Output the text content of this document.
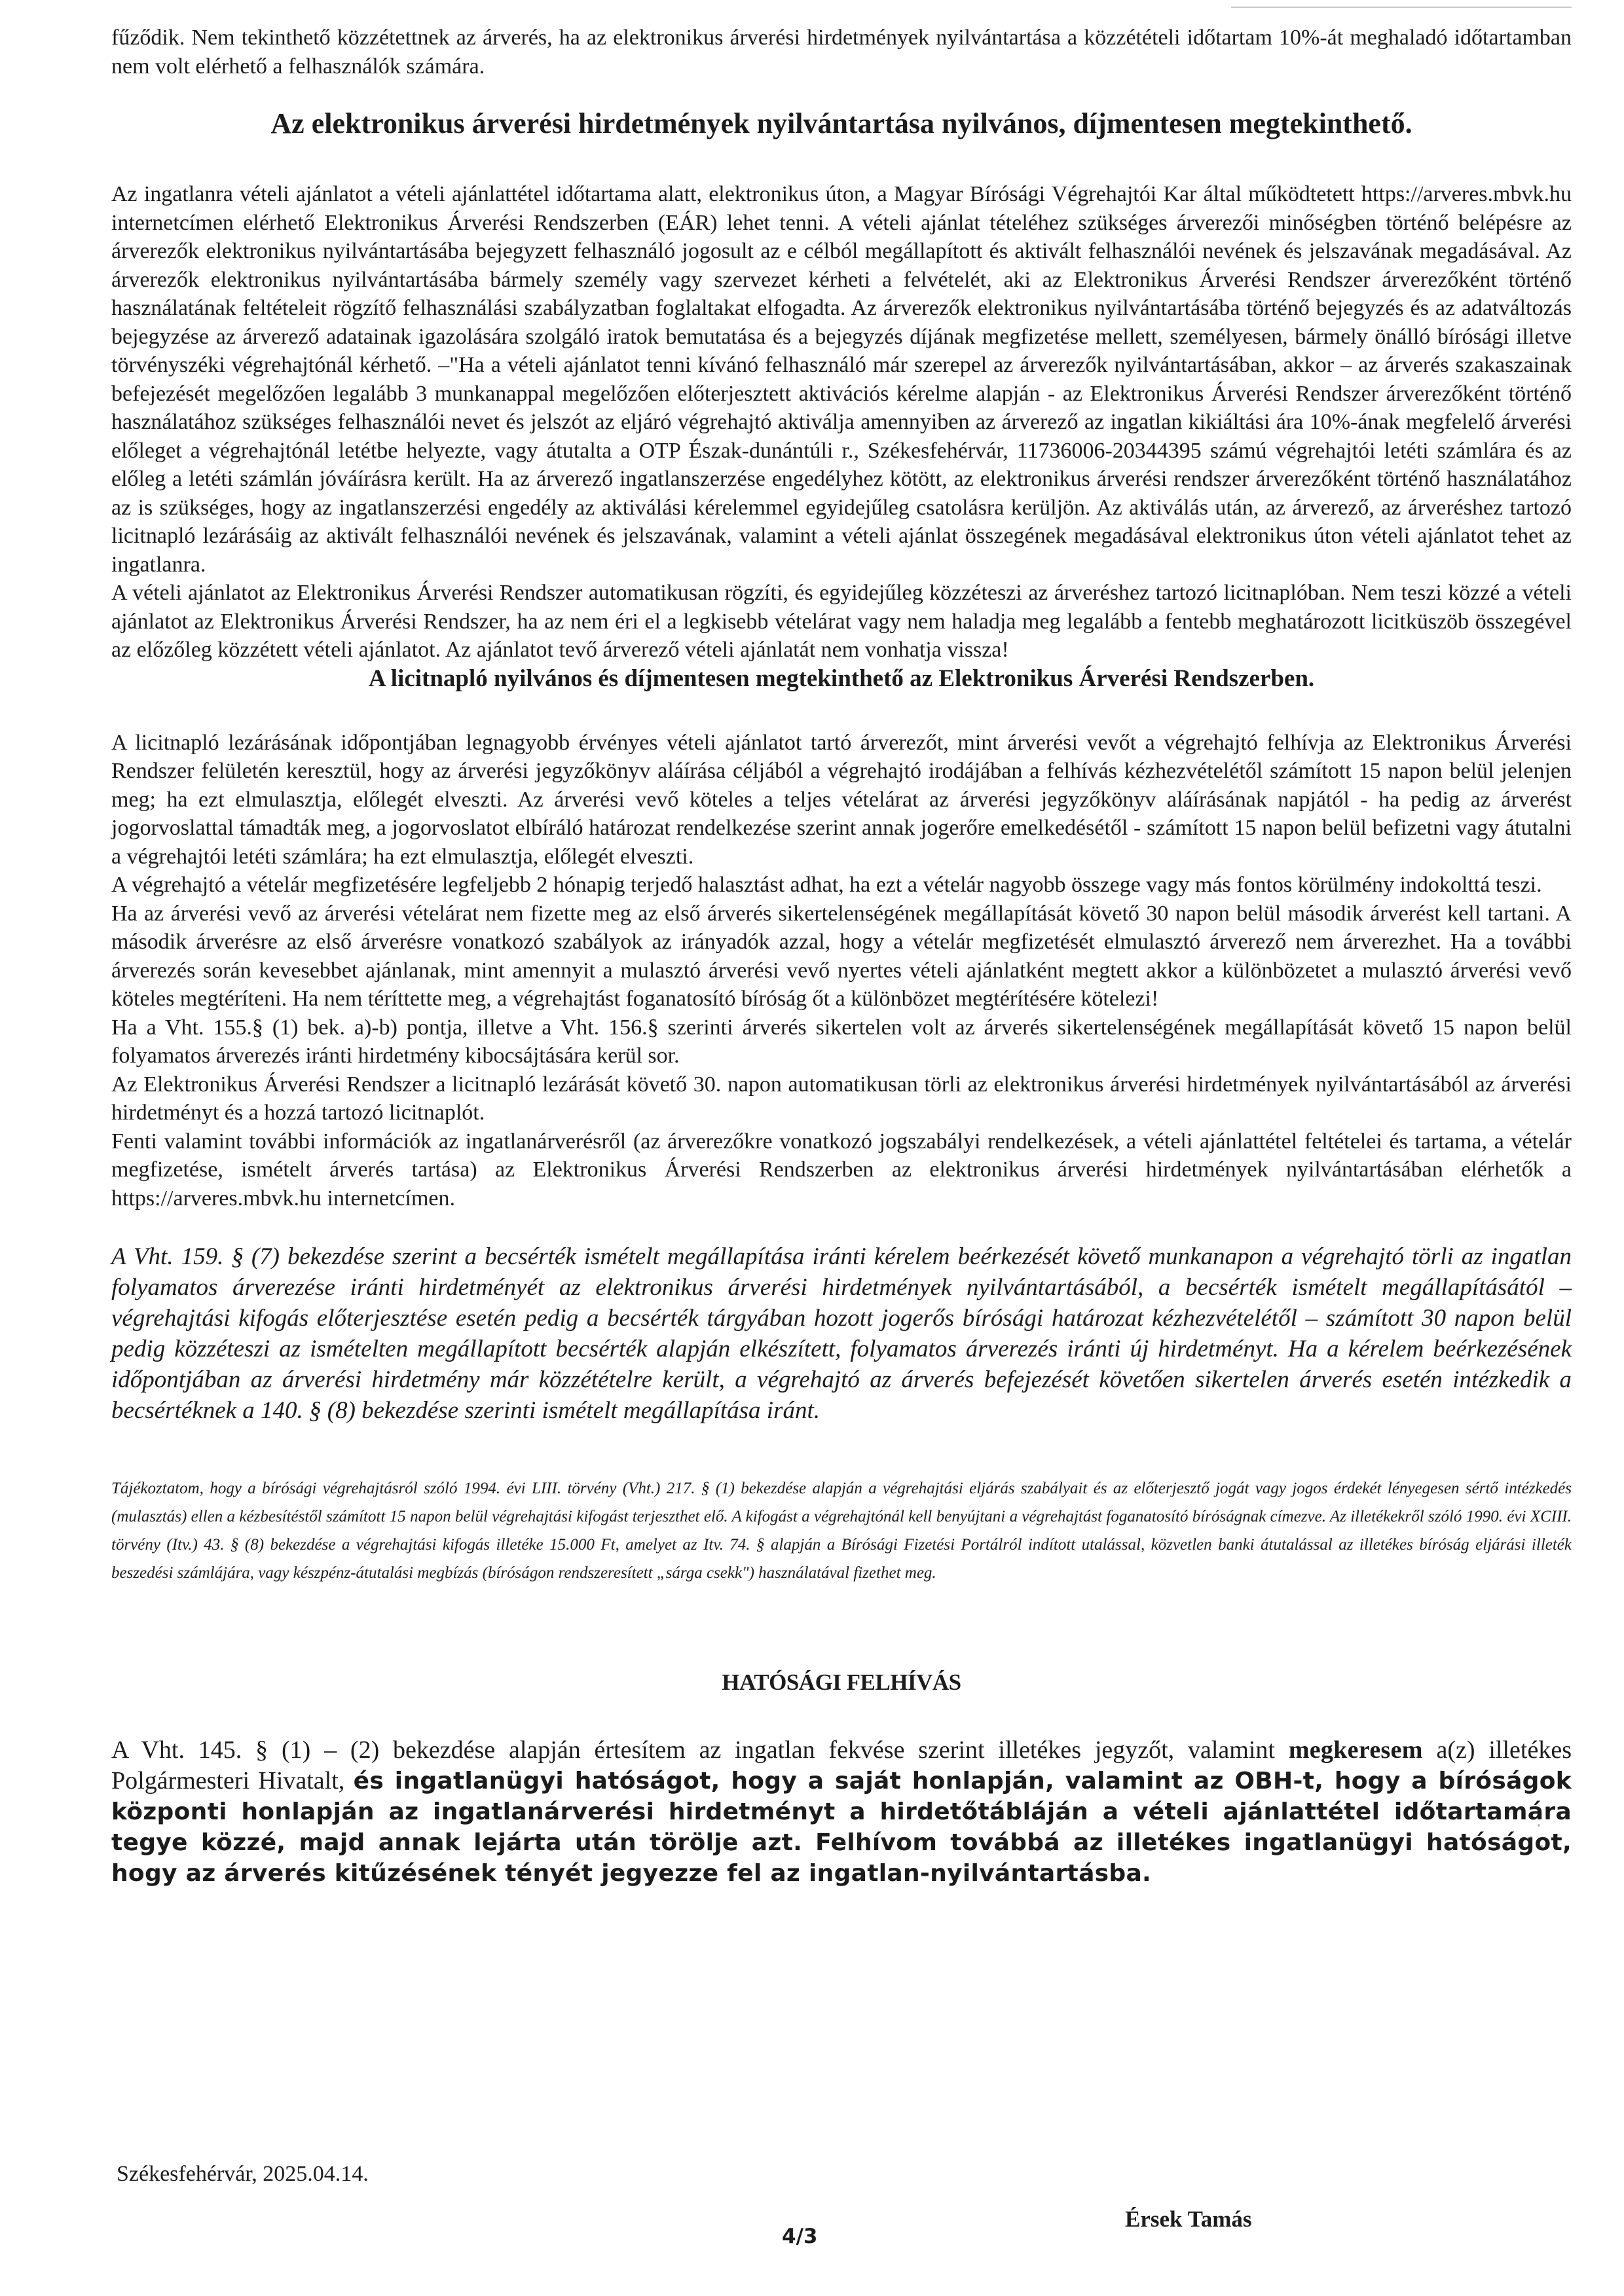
fűződik. Nem tekinthető közzétettnek az árverés, ha az elektronikus árverési hirdetmények nyilvántartása a közzétételi időtartam 10%-át meghaladó időtartamban nem volt elérhető a felhasználók számára.

Az elektronikus árverési hirdetmények nyilvántartása nyilvános, díjmentesen megtekinthető.

Az ingatlanra vételi ajánlatot a vételi ajánlattétel időtartama alatt, elektronikus úton, a Magyar Bírósági Végrehajtói Kar által működtetett https://arveres.mbvk.hu internetcímen elérhető Elektronikus Árverési Rendszerben (EÁR) lehet tenni. A vételi ajánlat tételéhez szükséges árverezői minőségben történő belépésre az árverezők elektronikus nyilvántartásába bejegyzett felhasználó jogosult az e célból megállapított és aktivált felhasználói nevének és jelszavának megadásával. Az árverezők elektronikus nyilvántartásába bármely személy vagy szervezet kérheti a felvételét, aki az Elektronikus Árverési Rendszer árverezőként történő használatának feltételeit rögzítő felhasználási szabályzatban foglaltakat elfogadta. Az árverezők elektronikus nyilvántartásába történő bejegyzés és az adatváltozás bejegyzése az árverező adatainak igazolására szolgáló iratok bemutatása és a bejegyzés díjának megfizetése mellett, személyesen, bármely önálló bírósági illetve törvényszéki végrehajtónál kérhető. –"Ha a vételi ajánlatot tenni kívánó felhasználó már szerepel az árverezők nyilvántartásában, akkor – az árverés szakaszainak befejezését megelőzően legalább 3 munkanappal megelőzően előterjesztett aktivációs kérelme alapján - az Elektronikus Árverési Rendszer árverezőként történő használatához szükséges felhasználói nevet és jelszót az eljáró végrehajtó aktiválja amennyiben az árverező az ingatlan kikiáltási ára 10%-ának megfelelő árverési előleget a végrehajtónál letétbe helyezte, vagy átutalta a OTP Észak-dunántúli r., Székesfehérvár, 11736006-20344395 számú végrehajtói letéti számlára és az előleg a letéti számlán jóváírásra került. Ha az árverező ingatlanszerzése engedélyhez kötött, az elektronikus árverési rendszer árverezőként történő használatához az is szükséges, hogy az ingatlanszerzési engedély az aktiválási kérelemmel egyidejűleg csatolásra kerüljön. Az aktiválás után, az árverező, az árveréshez tartozó licitnapló lezárásáig az aktivált felhasználói nevének és jelszavának, valamint a vételi ajánlat összegének megadásával elektronikus úton vételi ajánlatot tehet az ingatlanra.

A vételi ajánlatot az Elektronikus Árverési Rendszer automatikusan rögzíti, és egyidejűleg közzéteszi az árveréshez tartozó licitnaplóban. Nem teszi közzé a vételi ajánlatot az Elektronikus Árverési Rendszer, ha az nem éri el a legkisebb vételárat vagy nem haladja meg legalább a fentebb meghatározott licitküszöb összegével az előzőleg közzétett vételi ajánlatot. Az ajánlatot tevő árverező vételi ajánlatát nem vonhatja vissza!

A licitnapló nyilvános és díjmentesen megtekinthető az Elektronikus Árverési Rendszerben.

A licitnapló lezárásának időpontjában legnagyobb érvényes vételi ajánlatot tartó árverezőt, mint árverési vevőt a végrehajtó felhívja az Elektronikus Árverési Rendszer felületén keresztül, hogy az árverési jegyzőkönyv aláírása céljából a végrehajtó irodájában a felhívás kézhezvételétől számított 15 napon belül jelenjen meg; ha ezt elmulasztja, előlegét elveszti. Az árverési vevő köteles a teljes vételárat az árverési jegyzőkönyv aláírásának napjától - ha pedig az árverést jogorvoslattal támadták meg, a jogorvoslatot elbíráló határozat rendelkezése szerint annak jogerőre emelkedésétől - számított 15 napon belül befizetni vagy átutalni a végrehajtói letéti számlára; ha ezt elmulasztja, előlegét elveszti.

A végrehajtó a vételár megfizetésére legfeljebb 2 hónapig terjedő halasztást adhat, ha ezt a vételár nagyobb összege vagy más fontos körülmény indokolttá teszi.

Ha az árverési vevő az árverési vételárat nem fizette meg az első árverés sikertelenségének megállapítását követő 30 napon belül második árverést kell tartani. A második árverésre az első árverésre vonatkozó szabályok az irányadók azzal, hogy a vételár megfizetését elmulasztó árverező nem árverezhet. Ha a további árverezés során kevesebbet ajánlanak, mint amennyit a mulasztó árverési vevő nyertes vételi ajánlatként megtett akkor a különbözetet a mulasztó árverési vevő köteles megtéríteni. Ha nem téríttette meg, a végrehajtást foganatosító bíróság őt a különbözet megtérítésére kötelezi!

Ha a Vht. 155.§ (1) bek. a)-b) pontja, illetve a Vht. 156.§ szerinti árverés sikertelen volt az árverés sikertelenségének megállapítását követő 15 napon belül folyamatos árverezés iránti hirdetmény kibocsájtására kerül sor.

Az Elektronikus Árverési Rendszer a licitnapló lezárását követő 30. napon automatikusan törli az elektronikus árverési hirdetmények nyilvántartásából az árverési hirdetményt és a hozzá tartozó licitnaplót.

Fenti valamint további információk az ingatlanárverésről (az árverezőkre vonatkozó jogszabályi rendelkezések, a vételi ajánlattétel feltételei és tartama, a vételár megfizetése, ismételt árverés tartása) az Elektronikus Árverési Rendszerben az elektronikus árverési hirdetmények nyilvántartásában elérhetők a https://arveres.mbvk.hu internetcímen.

A Vht. 159. § (7) bekezdése szerint a becsérték ismételt megállapítása iránti kérelem beérkezését követő munkanapon a végrehajtó törli az ingatlan folyamatos árverezése iránti hirdetményét az elektronikus árverési hirdetmények nyilvántartásából, a becsérték ismételt megállapításától – végrehajtási kifogás előterjesztése esetén pedig a becsérték tárgyában hozott jogerős bírósági határozat kézhezvételétől – számított 30 napon belül pedig közzéteszi az ismételten megállapított becsérték alapján elkészített, folyamatos árverezés iránti új hirdetményt. Ha a kérelem beérkezésének időpontjában az árverési hirdetmény már közzétételre került, a végrehajtó az árverés befejezését követően sikertelen árverés esetén intézkedik a becsértéknek a 140. § (8) bekezdése szerinti ismételt megállapítása iránt.

Tájékoztatom, hogy a bírósági végrehajtásról szóló 1994. évi LIII. törvény (Vht.) 217. § (1) bekezdése alapján a végrehajtási eljárás szabályait és az előterjesztő jogát vagy jogos érdekét lényegesen sértő intézkedés (mulasztás) ellen a kézbesítéstől számított 15 napon belül végrehajtási kifogást terjeszthet elő. A kifogást a végrehajtónál kell benyújtani a végrehajtást foganatosító bíróságnak címezve. Az illetékekről szóló 1990. évi XCIII. törvény (Itv.) 43. § (8) bekezdése a végrehajtási kifogás illetéke 15.000 Ft, amelyet az Itv. 74. § alapján a Bírósági Fizetési Portálról indított utalással, közvetlen banki átutalással az illetékes bíróság eljárási illeték beszedési számlájára, vagy készpénz-átutalási megbízás (bíróságon rendszeresített „sárga csekk") használatával fizethet meg.

HATÓSÁGI FELHÍVÁS

A Vht. 145. § (1) – (2) bekezdése alapján értesítem az ingatlan fekvése szerint illetékes jegyzőt, valamint megkeresem a(z) illetékes Polgármesteri Hivatalt, és ingatlanügyi hatóságot, hogy a saját honlapján, valamint az OBH-t, hogy a bíróságok központi honlapján az ingatlanárverési hirdetményt a hirdetőtábláján a vételi ajánlattétel időtartamára tegye közzé, majd annak lejárta után törölje azt. Felhívom továbbá az illetékes ingatlanügyi hatóságot, hogy az árverés kitűzésének tényét jegyezze fel az ingatlan-nyilvántartásba.

Székesfehérvár, 2025.04.14.
4/3
Érsek Tamás
